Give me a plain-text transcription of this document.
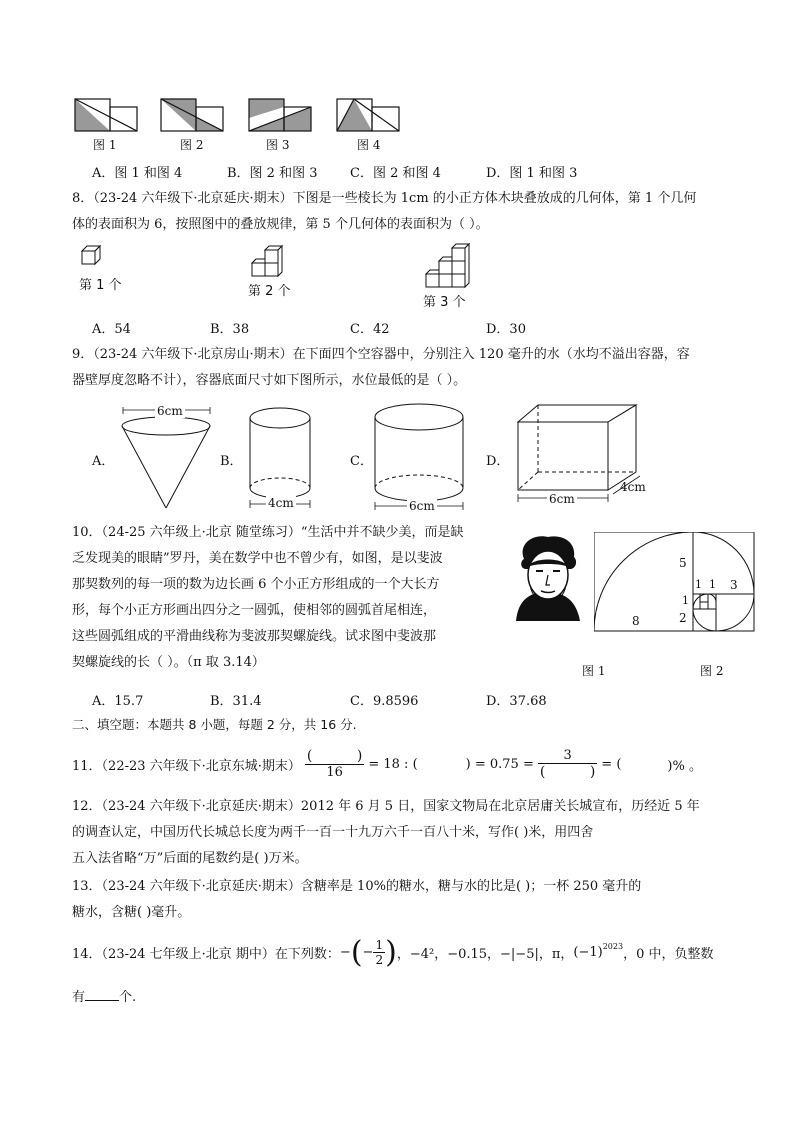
图 1	图 2	图 3	图 4
A．图 1 和图 4	B．图 2 和图 3	C．图 2 和图 4	D．图 1 和图 3
8．（23-24 六年级下·北京延庆·期末）下图是一些棱长为 1cm 的小正方体木块叠放成的几何体，第 1 个几何
体的表面积为 6，按照图中的叠放规律，第 5 个几何体的表面积为（ ）。
第 1 个	第 2 个
第 3 个
A．54	B．38	C．42	D．30
9．（23-24 六年级下·北京房山·期末）在下面四个空容器中，分别注入 120 毫升的水（水均不溢出容器，容
器壁厚度忽略不计），容器底面尺寸如下图所示，水位最低的是（ ）。
A．
6cm
B．
4cm
C．
6cm
D．
6cm
4cm
10．（24-25 六年级上·北京 随堂练习）“生活中并不缺少美，而是缺
乏发现美的眼睛”罗丹，美在数学中也不曾少有，如图，是以斐波
那契数列的每一项的数为边长画 6 个小正方形组成的一个大长方
形，每个小正方形画出四分之一圆弧，使相邻的圆弧首尾相连，
这些圆弧组成的平滑曲线称为斐波那契螺旋线。试求图中斐波那
契螺旋线的长（ ）。（π 取 3.14）
5
1 1 3
1
2
8
图 1	图 2
A．15.7	B．31.4	C．9.8596	D．37.68
二、填空题：本题共 8 小题，每题 2 分，共 16 分.
11．（22-23 六年级下·北京东城·期末） $\frac{( )}{16} = 18$ : (	) = $0.75 = \frac{3}{( )}$ = (	)% 。
12．（23-24 六年级下·北京延庆·期末）2012 年 6 月 5 日，国家文物局在北京居庸关长城宣布，历经近 5 年
的调查认定，中国历代长城总长度为两千一百一十九万六千一百八十米，写作( )米，用四舍
五入法省略“万”后面的尾数约是( )万米。
13．（23-24 六年级下·北京延庆·期末）含糖率是 10%的糖水，糖与水的比是( )；一杯 250 毫升的
糖水，含糖( )毫升。
14．（23-24 七年级上·北京 期中）在下列数： − ( − $\frac{1}{2}$ ) ，−4²，−0.15，−|−5|，π， $(-1)^{2023}$
，0 中，负整数
有	个.
